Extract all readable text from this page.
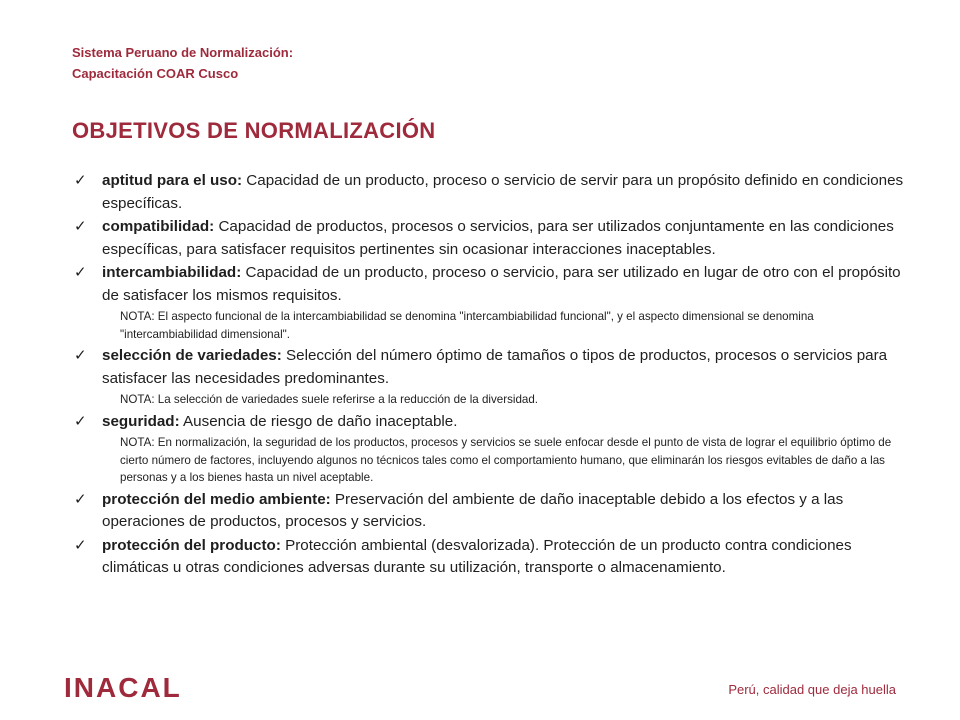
Sistema Peruano de Normalización:
Capacitación COAR Cusco
OBJETIVOS DE NORMALIZACIÓN
✓ aptitud para el uso: Capacidad de un producto, proceso o servicio de servir para un propósito definido en condiciones específicas.
✓ compatibilidad: Capacidad de productos, procesos o servicios, para ser utilizados conjuntamente en las condiciones específicas, para satisfacer requisitos pertinentes sin ocasionar interacciones inaceptables.
✓ intercambiabilidad: Capacidad de un producto, proceso o servicio, para ser utilizado en lugar de otro con el propósito de satisfacer los mismos requisitos.
NOTA: El aspecto funcional de la intercambiabilidad se denomina "intercambiabilidad funcional", y el aspecto dimensional se denomina "intercambiabilidad dimensional".
✓ selección de variedades: Selección del número óptimo de tamaños o tipos de productos, procesos o servicios para satisfacer las necesidades predominantes.
NOTA: La selección de variedades suele referirse a la reducción de la diversidad.
✓ seguridad: Ausencia de riesgo de daño inaceptable.
NOTA: En normalización, la seguridad de los productos, procesos y servicios se suele enfocar desde el punto de vista de lograr el equilibrio óptimo de cierto número de factores, incluyendo algunos no técnicos tales como el comportamiento humano, que eliminarán los riesgos evitables de daño a las personas y a los bienes hasta un nivel aceptable.
✓ protección del medio ambiente: Preservación del ambiente de daño inaceptable debido a los efectos y a las operaciones de productos, procesos y servicios.
✓ protección del producto: Protección ambiental (desvalorizada). Protección de un producto contra condiciones climáticas u otras condiciones adversas durante su utilización, transporte o almacenamiento.
INACAL	Perú, calidad que deja huella
